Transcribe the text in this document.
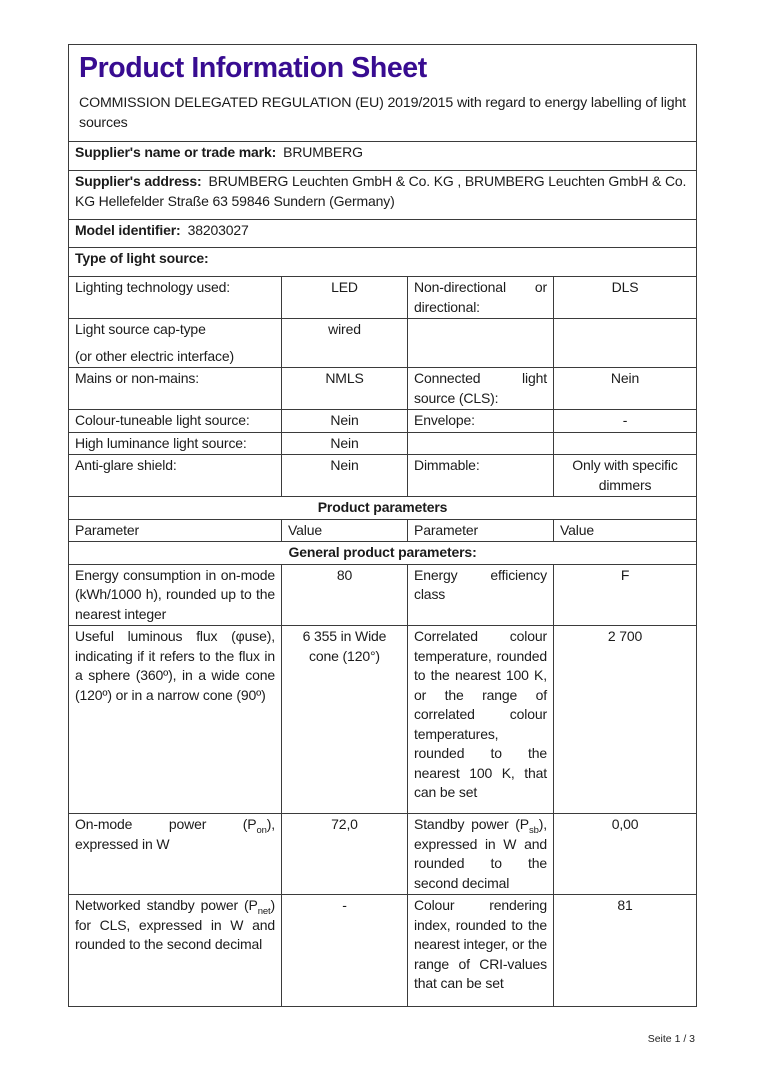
Product Information Sheet
COMMISSION DELEGATED REGULATION (EU) 2019/2015 with regard to energy labelling of light sources

Supplier's name or trade mark: BRUMBERG			
Supplier's address: BRUMBERG Leuchten GmbH & Co. KG , BRUMBERG Leuchten GmbH & Co. KG Hellefelder Straße 63 59846 Sundern (Germany)			
Model identifier: 38203027			
Type of light source:			
Lighting technology used:	LED	Non-directional or directional:	DLS

Light source cap-type
(or other electric interface)	wired		
Mains or non-mains:	NMLS	Connected light source (CLS):	Nein
Colour-tuneable light source:	Nein	Envelope:	-
High luminance light source:	Nein		
Anti-glare shield:	Nein	Dimmable:	Only with specific dimmers
Product parameters			
Parameter	Value	Parameter	Value
General product parameters:			
Energy consumption in on-mode (kWh/1000 h), rounded up to the nearest integer	80	Energy efficiency class	F
Useful luminous flux (φuse), indicating if it refers to the flux in a sphere (360º), in a wide cone (120º) or in a narrow cone (90º)	6 355 in Wide cone (120°)	Correlated colour temperature, rounded to the nearest 100 K, or the range of correlated colour temperatures, rounded to the nearest 100 K, that can be set	2 700
On-mode power $(P_{on})$, expressed in W	72,0	Standby power $(P_{sb})$, expressed in W and rounded to the second decimal	0,00
Networked standby power $(P_{net})$ for CLS, expressed in W and rounded to the second decimal	-	Colour rendering index, rounded to the nearest integer, or the range of CRI-values that can be set	81
Seite 1 / 3
